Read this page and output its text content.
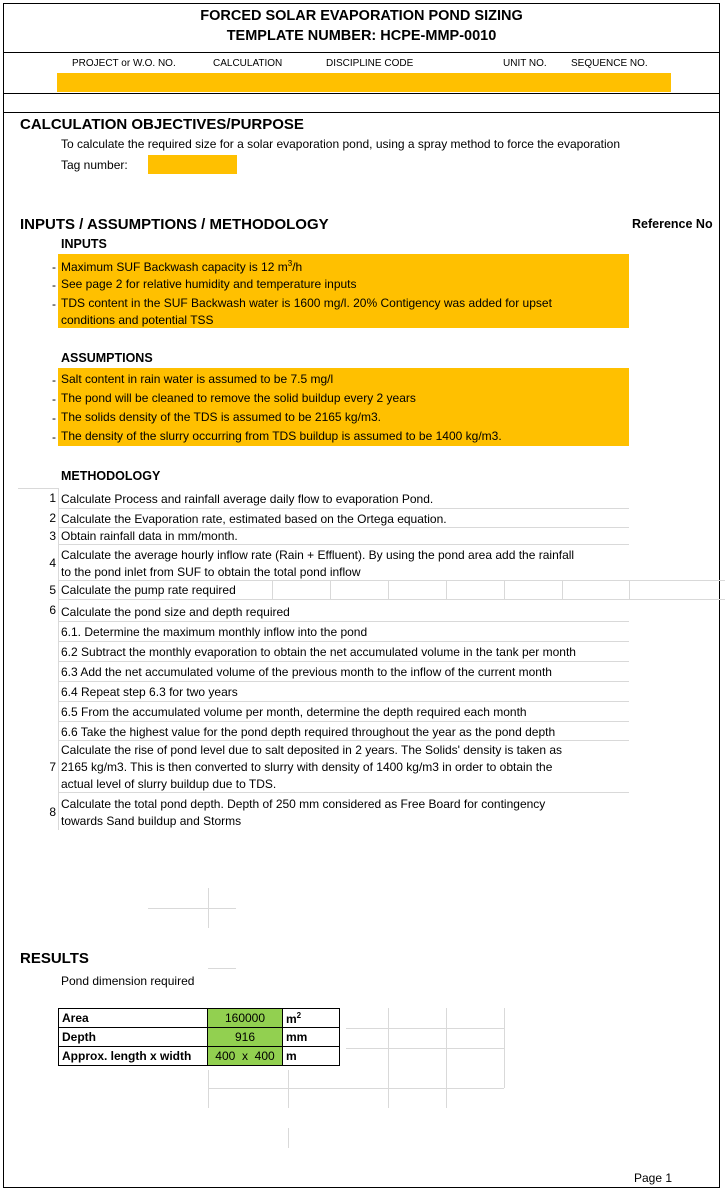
FORCED SOLAR EVAPORATION POND SIZING
TEMPLATE NUMBER: HCPE-MMP-0010
PROJECT or W.O. NO.	CALCULATION	DISCIPLINE CODE	UNIT NO. SEQUENCE NO.
CALCULATION OBJECTIVES/PURPOSE
To calculate the required size for a solar evaporation pond, using a spray method to force the evaporation
Tag number:
INPUTS / ASSUMPTIONS / METHODOLOGY	Reference No
INPUTS
- Maximum SUF Backwash capacity is 12 $m^3/h$
- See page 2 for relative humidity and temperature inputs
- TDS content in the SUF Backwash water is 1600 mg/l. 20% Contigency was added for upset
conditions and potential TSS
ASSUMPTIONS
- Salt content in rain water is assumed to be 7.5 mg/l
- The pond will be cleaned to remove the solid buildup every 2 years
- The solids density of the TDS is assumed to be 2165 kg/m3.
- The density of the slurry occurring from TDS buildup is assumed to be 1400 kg/m3.
METHODOLOGY
1 Calculate Process and rainfall average daily flow to evaporation Pond.
2 Calculate the Evaporation rate, estimated based on the Ortega equation.
3 Obtain rainfall data in mm/month.
4
Calculate the average hourly inflow rate (Rain + Effluent). By using the pond area add the rainfall
to the pond inlet from SUF to obtain the total pond inflow
5 Calculate the pump rate required
6 Calculate the pond size and depth required
6.1. Determine the maximum monthly inflow into the pond
6.2 Subtract the monthly evaporation to obtain the net accumulated volume in the tank per month
6.3 Add the net accumulated volume of the previous month to the inflow of the current month
6.4 Repeat step 6.3 for two years
6.5 From the accumulated volume per month, determine the depth required each month
6.6 Take the highest value for the pond depth required throughout the year as the pond depth
7
Calculate the rise of pond level due to salt deposited in 2 years. The Solids' density is taken as
2165 kg/m3. This is then converted to slurry with density of 1400 kg/m3 in order to obtain the
actual level of slurry buildup due to TDS.
8
Calculate the total pond depth. Depth of 250 mm considered as Free Board for contingency
towards Sand buildup and Storms
RESULTS
Pond dimension required
Area	160000	$m^2$
Depth	916	mm
Approx. length x width	400  x  400	m
Page 1
